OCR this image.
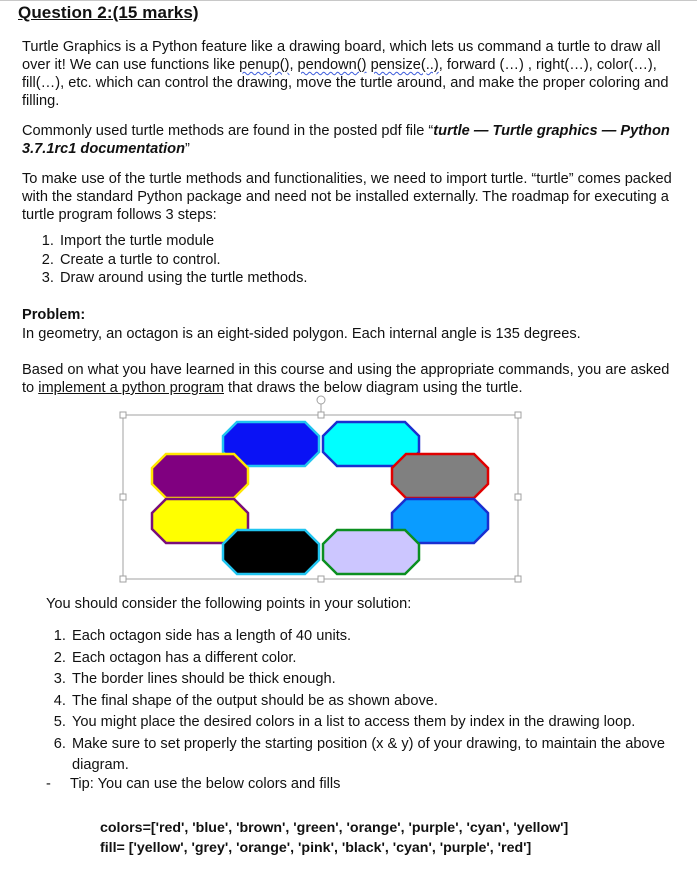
Question 2:(15 marks)

Turtle Graphics is a Python feature like a drawing board, which lets us command a turtle to draw all over it! We can use functions like penup(), pendown() pensize(..), forward (…) , right(…), color(…), fill(…), etc. which can control the drawing, move the turtle around, and make the proper coloring and filling.

Commonly used turtle methods are found in the posted pdf file “turtle — Turtle graphics — Python 3.7.1rc1 documentation”

To make use of the turtle methods and functionalities, we need to import turtle. “turtle” comes packed with the standard Python package and need not be installed externally. The roadmap for executing a turtle program follows 3 steps:

1. Import the turtle module
2. Create a turtle to control.
3. Draw around using the turtle methods.
Problem:

In geometry, an octagon is an eight-sided polygon. Each internal angle is 135 degrees.

Based on what you have learned in this course and using the appropriate commands, you are asked to implement a python program that draws the below diagram using the turtle.

You should consider the following points in your solution:

1. Each octagon side has a length of 40 units.
2. Each octagon has a different color.
3. The border lines should be thick enough.
4. The final shape of the output should be as shown above.
5. You might place the desired colors in a list to access them by index in the drawing loop.
6. Make sure to set properly the starting position (x & y) of your drawing, to maintain the above diagram.
- Tip: You can use the below colors and fills
colors=['red', 'blue', 'brown', 'green', 'orange', 'purple', 'cyan', 'yellow']
fill= ['yellow', 'grey', 'orange', 'pink', 'black', 'cyan', 'purple', 'red']
